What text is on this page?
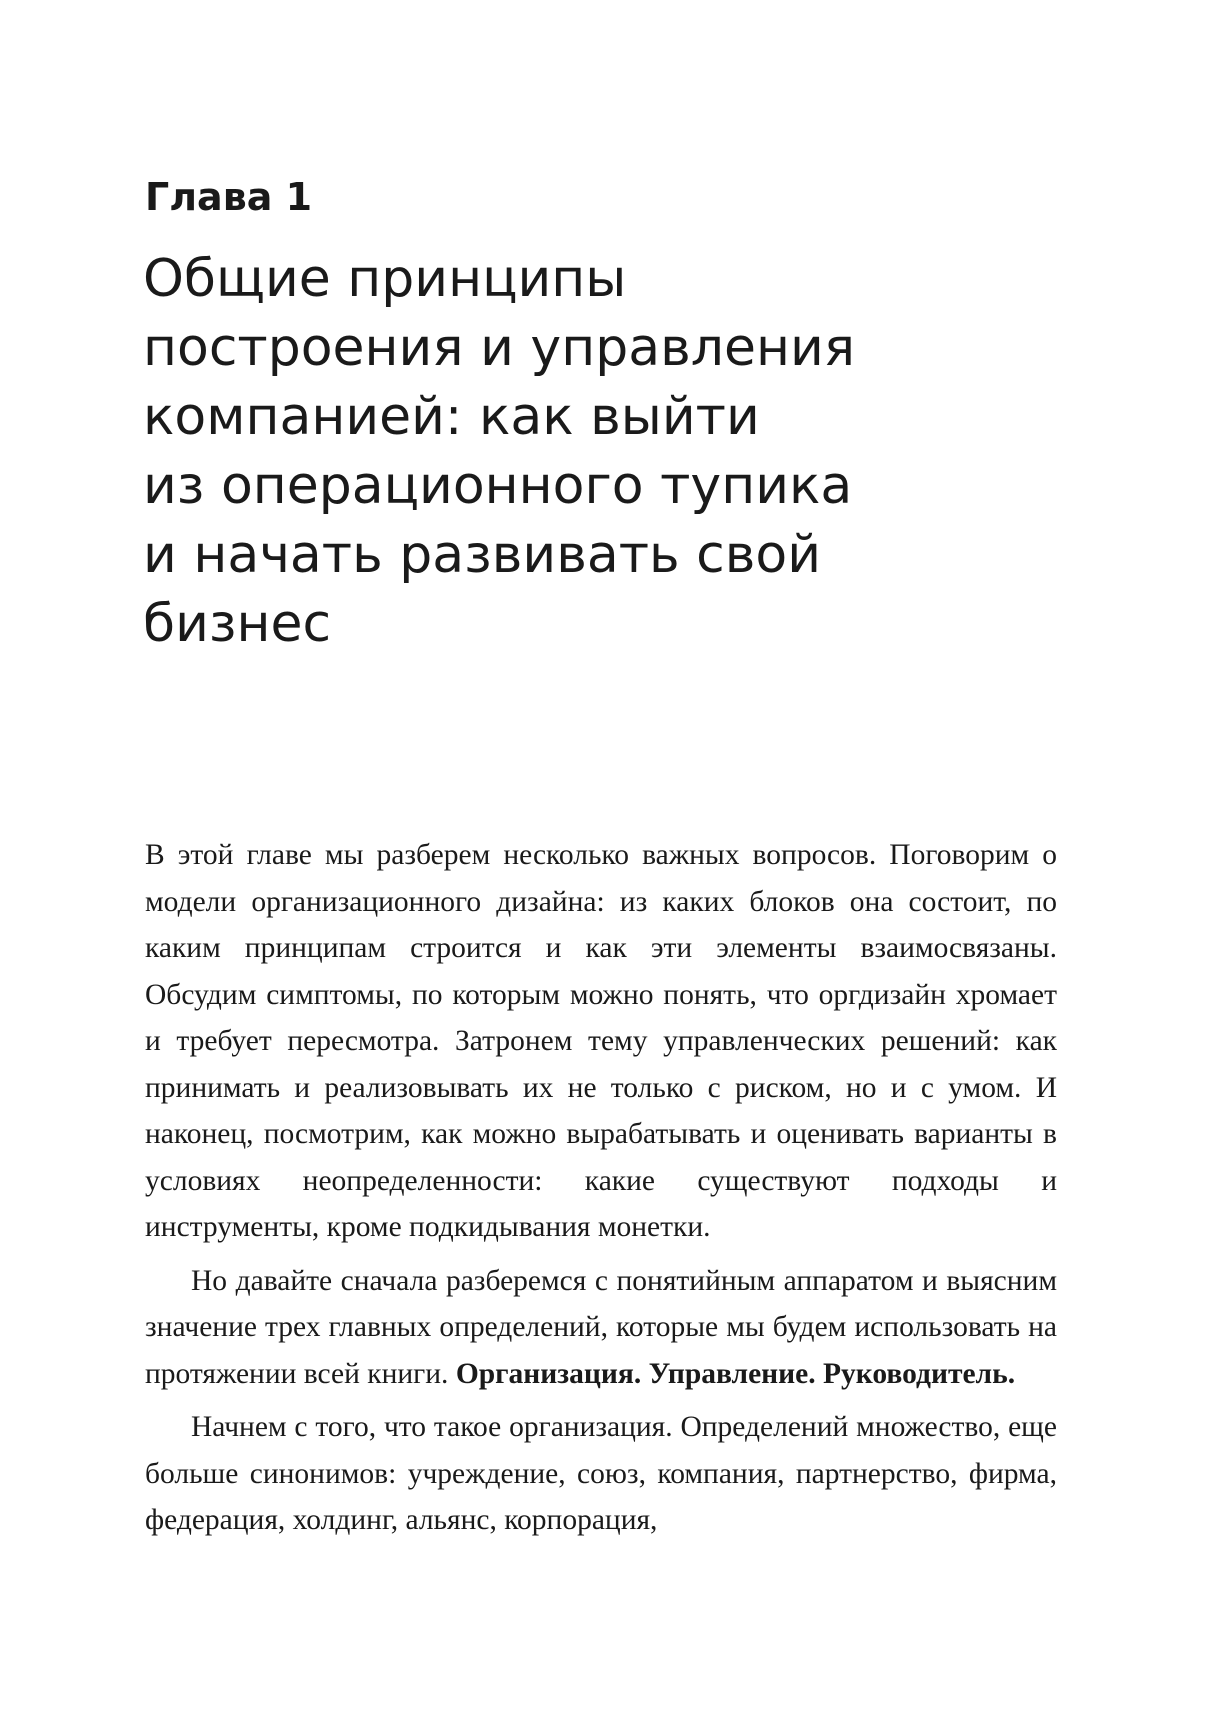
Глава 1
Общие принципы
построения и управления
компанией: как выйти
из операционного тупика
и начать развивать свой
бизнес

В этой главе мы разберем несколько важных вопросов. Поговорим о модели организационного дизайна: из каких блоков она состоит, по каким принципам строится и как эти элементы взаимосвязаны. Обсудим симптомы, по которым можно понять, что оргдизайн хромает и требует пересмотра. Затронем тему управленческих решений: как принимать и реализовывать их не только с риском, но и с умом. И наконец, посмотрим, как можно вырабатывать и оценивать варианты в условиях неопределенности: какие существуют подходы и инструменты, кроме подкидывания монетки.

Но давайте сначала разберемся с понятийным аппаратом и выясним значение трех главных определений, которые мы будем использовать на протяжении всей книги. Организация. Управление. Руководитель.

Начнем с того, что такое организация. Определений множество, еще больше синонимов: учреждение, союз, компания, партнерство, фирма, федерация, холдинг, альянс, корпорация,
